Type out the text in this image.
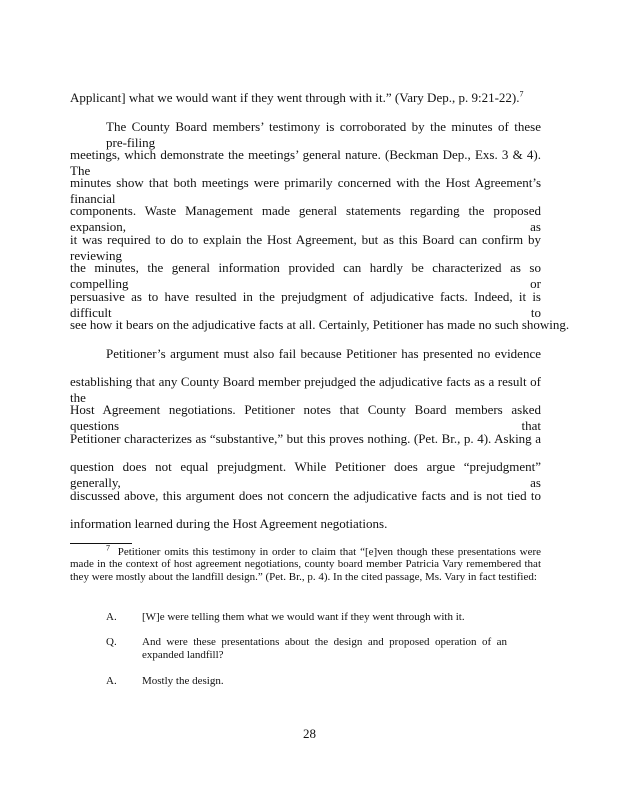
Applicant] what we would want if they went through with it.” (Vary Dep., p. 9:21-22).$^7$
The County Board members’ testimony is corroborated by the minutes of these pre-filing
meetings, which demonstrate the meetings’ general nature. (Beckman Dep., Exs. 3 & 4). The
minutes show that both meetings were primarily concerned with the Host Agreement’s financial
components. Waste Management made general statements regarding the proposed expansion, as
it was required to do to explain the Host Agreement, but as this Board can confirm by reviewing
the minutes, the general information provided can hardly be characterized as so compelling or
persuasive as to have resulted in the prejudgment of adjudicative facts. Indeed, it is difficult to
see how it bears on the adjudicative facts at all. Certainly, Petitioner has made no such showing.
Petitioner’s argument must also fail because Petitioner has presented no evidence
establishing that any County Board member prejudged the adjudicative facts as a result of the
Host Agreement negotiations. Petitioner notes that County Board members asked questions that
Petitioner characterizes as “substantive,” but this proves nothing. (Pet. Br., p. 4). Asking a
question does not equal prejudgment. While Petitioner does argue “prejudgment” generally, as
discussed above, this argument does not concern the adjudicative facts and is not tied to
information learned during the Host Agreement negotiations.
$^7$ Petitioner omits this testimony in order to claim that “[e]ven though these presentations were made in the context of host agreement negotiations, county board member Patricia Vary remembered that they were mostly about the landfill design.” (Pet. Br., p. 4). In the cited passage, Ms. Vary in fact testified:
A. [W]e were telling them what we would want if they went through with it.
Q. And were these presentations about the design and proposed operation of an expanded landfill?
A. Mostly the design.
28
